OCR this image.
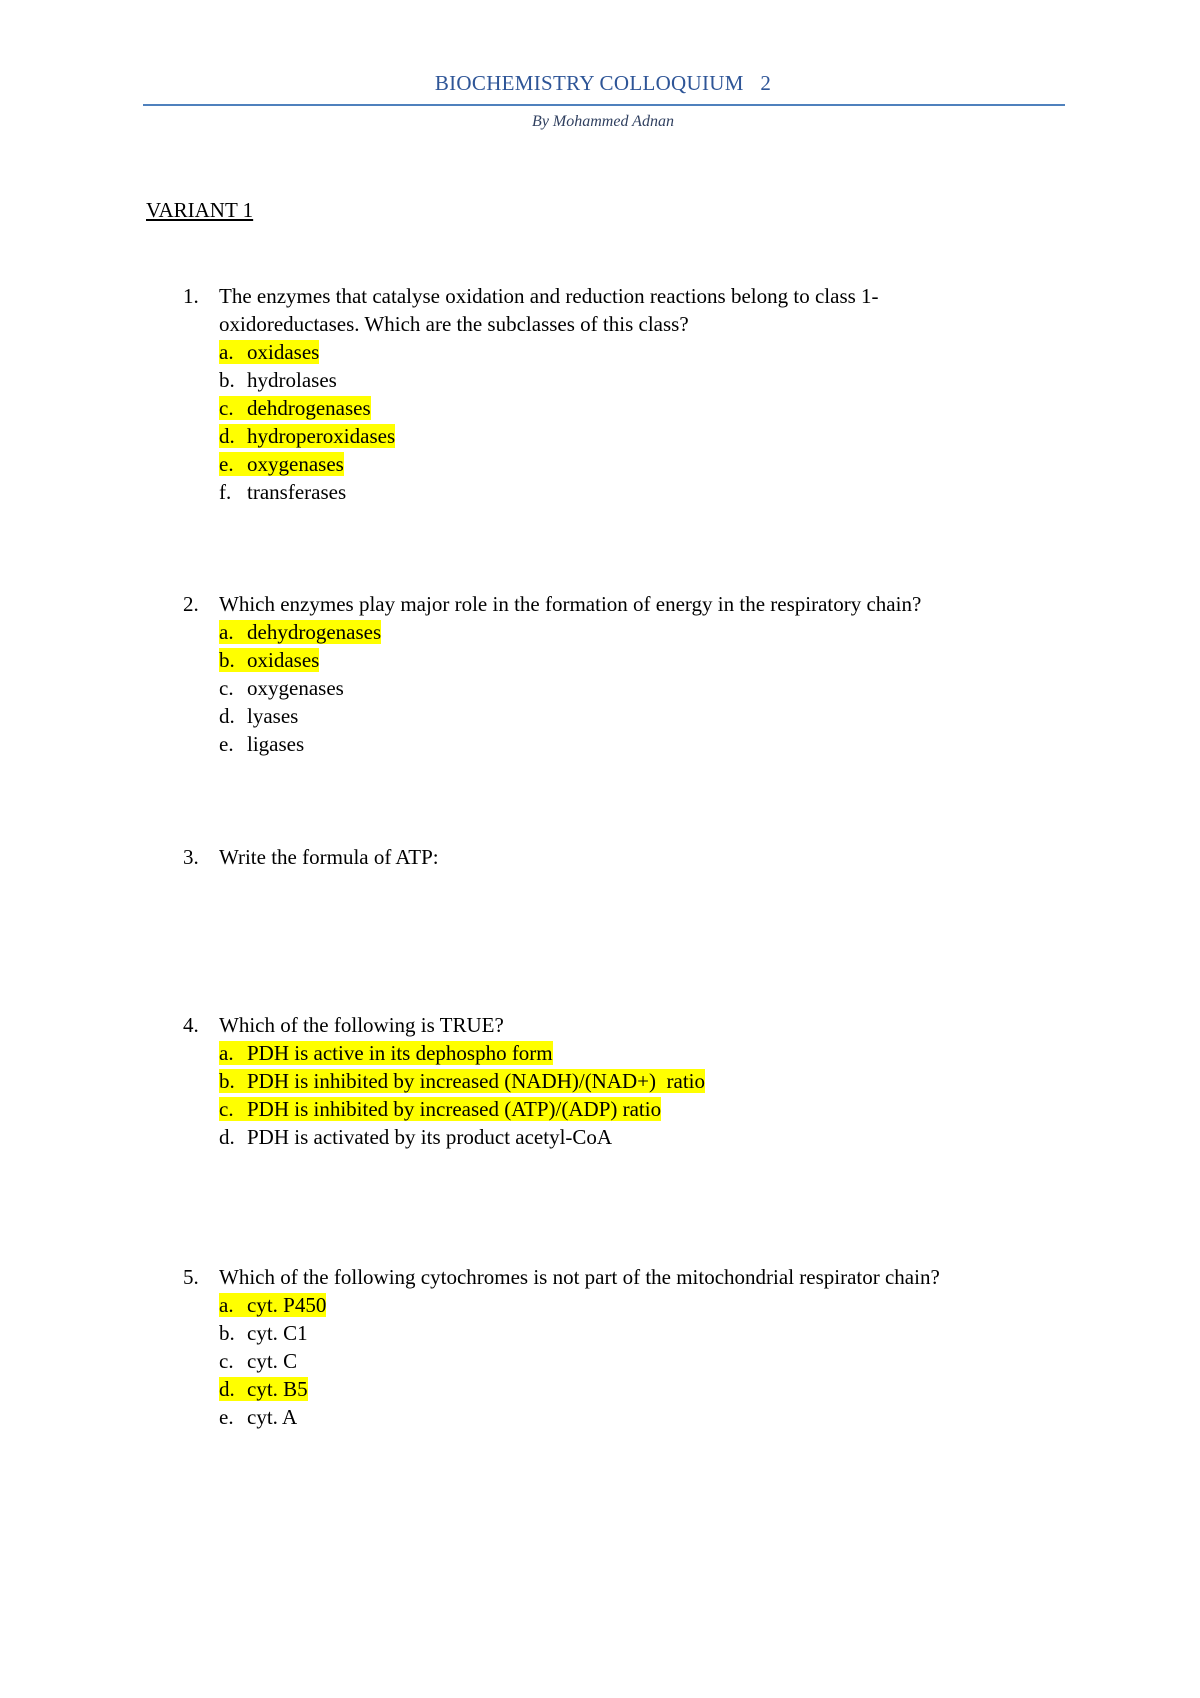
BIOCHEMISTRY COLLOQUIUM   2

By Mohammed Adnan
VARIANT 1
1. The enzymes that catalyse oxidation and reduction reactions belong to class 1- oxidoreductases. Which are the subclasses of this class?
a. oxidases
b. hydrolases
c. dehdrogenases
d. hydroperoxidases
e. oxygenases
f. transferases
2. Which enzymes play major role in the formation of energy in the respiratory chain?
a. dehydrogenases
b. oxidases
c. oxygenases
d. lyases
e. ligases
3. Write the formula of ATP:
4. Which of the following is TRUE?
a. PDH is active in its dephospho form
b. PDH is inhibited by increased (NADH)/(NAD+)  ratio
c. PDH is inhibited by increased (ATP)/(ADP) ratio
d. PDH is activated by its product acetyl-CoA
5. Which of the following cytochromes is not part of the mitochondrial respirator chain?
a. cyt. P450
b. cyt. C1
c. cyt. C
d. cyt. B5
e. cyt. A
